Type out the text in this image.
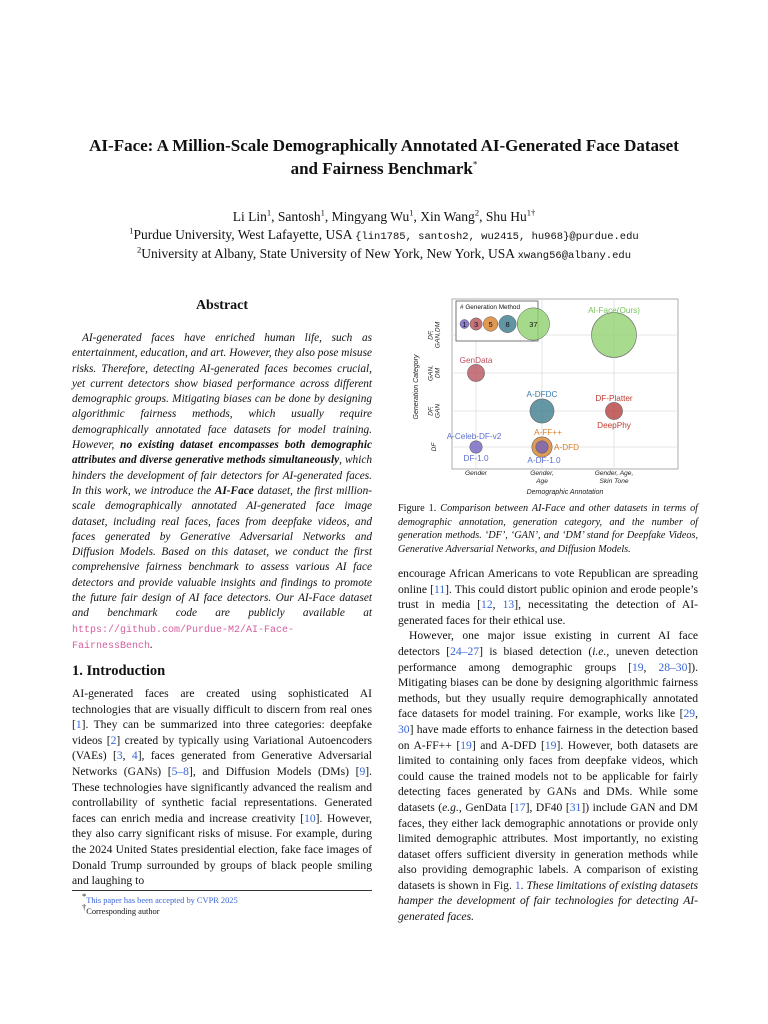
AI-Face: A Million-Scale Demographically Annotated AI-Generated Face Dataset
and Fairness Benchmark*
Li Lin$^1$, Santosh$^1$, Mingyang Wu$^1$, Xin Wang$^2$, Shu $Hu^{1\dagger}$
$^1$Purdue University, West Lafayette, USA {lin1785, santosh2, wu2415, hu968}@purdue.edu
$^2$University at Albany, State University of New York, New York, USA xwang56@albany.edu
Abstract
AI-generated faces have enriched human life, such as entertainment, education, and art. However, they also pose misuse risks. Therefore, detecting AI-generated faces becomes crucial, yet current detectors show biased performance across different demographic groups. Mitigating biases can be done by designing algorithmic fairness methods, which usually require demographically annotated face datasets for model training. However, no existing dataset encompasses both demographic attributes and diverse generative methods simultaneously, which hinders the development of fair detectors for AI-generated faces. In this work, we introduce the AI-Face dataset, the first million-scale demographically annotated AI-generated face image dataset, including real faces, faces from deepfake videos, and faces generated by Generative Adversarial Networks and Diffusion Models. Based on this dataset, we conduct the first comprehensive fairness benchmark to assess various AI face detectors and provide valuable insights and findings to promote the future fair design of AI face detectors. Our AI-Face dataset and benchmark code are publicly available at https://github.com/Purdue-M2/AI-Face-FairnessBench.
1. Introduction
AI-generated faces are created using sophisticated AI technologies that are visually difficult to discern from real ones [1]. They can be summarized into three categories: deepfake videos [2] created by typically using Variational Autoencoders (VAEs) [3, 4], faces generated from Generative Adversarial Networks (GANs) [5–8], and Diffusion Models (DMs) [9]. These technologies have significantly advanced the realism and controllability of synthetic facial representations. Generated faces can enrich media and increase creativity [10]. However, they also carry significant risks of misuse. For example, during the 2024 United States presidential election, fake face images of Donald Trump surrounded by groups of black people smiling and laughing to
*This paper has been accepted by CVPR 2025
†Corresponding author
AI-Face(Ours)
GenData
A-DFDC	DF-Platter
DeepPhy
A-Celeb-DF-v2
DF-1.0
A-FF++
A-DFD
A-DF-1.0
# Generation Method
1 3 5 8	37
Gender	Gender,
Age
Gender, Age,
Skin Tone
Demographic Annotation
DF
DF, GAN
GAN, DM
DF, GAN,DM
Generation Category
Figure 1. Comparison between AI-Face and other datasets in terms of demographic annotation, generation category, and the number of generation methods. ‘DF’, ‘GAN’, and ‘DM’ stand for Deepfake Videos, Generative Adversarial Networks, and Diffusion Models.

encourage African Americans to vote Republican are spreading online [11]. This could distort public opinion and erode people’s trust in media [12, 13], necessitating the detection of AI-generated faces for their ethical use.

However, one major issue existing in current AI face detectors [24–27] is biased detection (i.e., uneven detection performance among demographic groups [19, 28–30]). Mitigating biases can be done by designing algorithmic fairness methods, but they usually require demographically annotated face datasets for model training. For example, works like [29, 30] have made efforts to enhance fairness in the detection based on A-FF++ [19] and A-DFD [19]. However, both datasets are limited to containing only faces from deepfake videos, which could cause the trained models not to be applicable for fairly detecting faces generated by GANs and DMs. While some datasets (e.g., GenData [17], DF40 [31]) include GAN and DM faces, they either lack demographic annotations or provide only limited demographic attributes. Most importantly, no existing dataset offers sufficient diversity in generation methods while also providing demographic labels. A comparison of existing datasets is shown in Fig. 1. These limitations of existing datasets hamper the development of fair technologies for detecting AI-generated faces.
